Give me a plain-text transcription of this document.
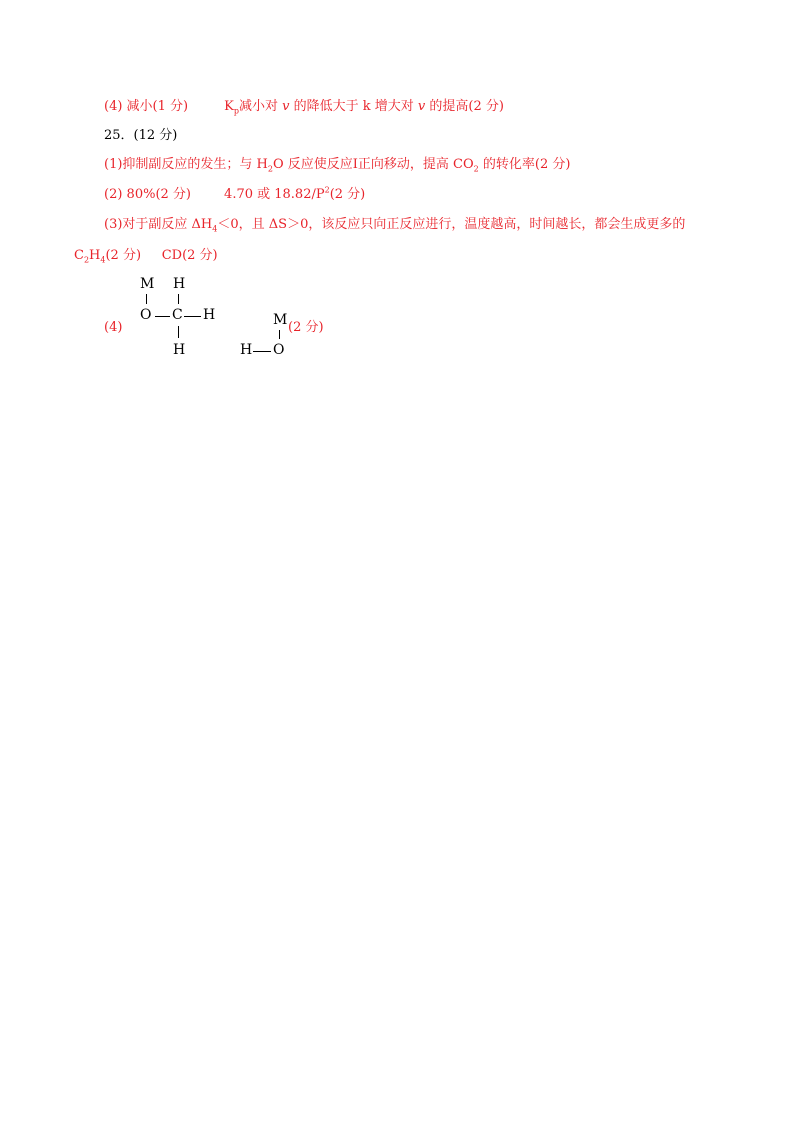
(4) 减小(1 分)	$K_p$减小对 v 的降低大于 k 增大对 v 的提高(2 分)
25．(12 分)
(1)抑制副反应的发生；与 $H_2O$ 反应使反应Ⅰ正向移动，提高 $CO_2$ 的转化率(2 分)
(2) 80%(2 分)        4.70 或 $18.82/P^2(2$ 分)
(3)对于副反应 $\Delta H_4<0$，且 ΔS＞0，该反应只向正反应进行，温度越高，时间越长，都会生成更多的
$C_2H_4(2$ 分)     CD(2 分)
(4)
M H
O C H
H
M
H O
(2 分)
